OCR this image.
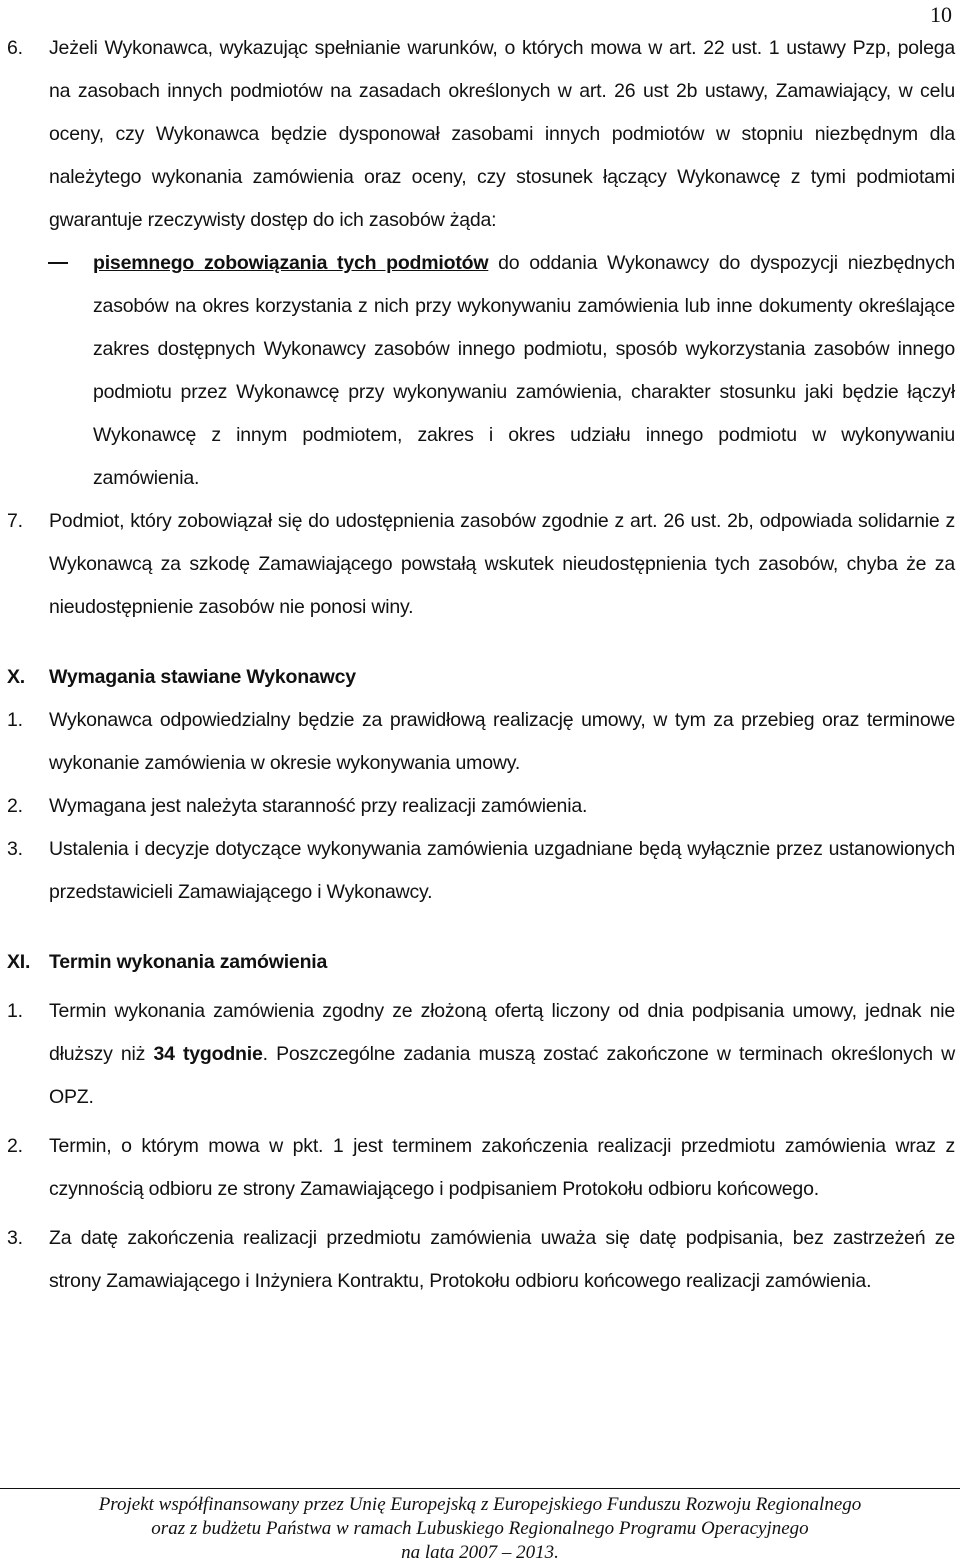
10
6. Jeżeli Wykonawca, wykazując spełnianie warunków, o których mowa w art. 22 ust. 1 ustawy Pzp, polega na zasobach innych podmiotów na zasadach określonych w art. 26 ust 2b ustawy, Zamawiający, w celu oceny, czy Wykonawca będzie dysponował zasobami innych podmiotów w stopniu niezbędnym dla należytego wykonania zamówienia oraz oceny, czy stosunek łączący Wykonawcę z tymi podmiotami gwarantuje rzeczywisty dostęp do ich zasobów żąda:
pisemnego zobowiązania tych podmiotów do oddania Wykonawcy do dyspozycji niezbędnych zasobów na okres korzystania z nich przy wykonywaniu zamówienia lub inne dokumenty określające zakres dostępnych Wykonawcy zasobów innego podmiotu, sposób wykorzystania zasobów innego podmiotu przez Wykonawcę przy wykonywaniu zamówienia, charakter stosunku jaki będzie łączył Wykonawcę z innym podmiotem, zakres i okres udziału innego podmiotu w wykonywaniu zamówienia.
7. Podmiot, który zobowiązał się do udostępnienia zasobów zgodnie z art. 26 ust. 2b, odpowiada solidarnie z Wykonawcą za szkodę Zamawiającego powstałą wskutek nieudostępnienia tych zasobów, chyba że za nieudostępnienie zasobów nie ponosi winy.
X. Wymagania stawiane Wykonawcy
1. Wykonawca odpowiedzialny będzie za prawidłową realizację umowy, w tym za przebieg oraz terminowe wykonanie zamówienia w okresie wykonywania umowy.
2. Wymagana jest należyta staranność przy realizacji zamówienia.
3. Ustalenia i decyzje dotyczące wykonywania zamówienia uzgadniane będą wyłącznie przez ustanowionych przedstawicieli Zamawiającego i Wykonawcy.
XI. Termin wykonania zamówienia
1. Termin wykonania zamówienia zgodny ze złożoną ofertą liczony od dnia podpisania umowy, jednak nie dłuższy niż 34 tygodnie. Poszczególne zadania muszą zostać zakończone w terminach określonych w OPZ.
2. Termin, o którym mowa w pkt. 1 jest terminem zakończenia realizacji przedmiotu zamówienia wraz z czynnością odbioru ze strony Zamawiającego i podpisaniem Protokołu odbioru końcowego.
3. Za datę zakończenia realizacji przedmiotu zamówienia uważa się datę podpisania, bez zastrzeżeń ze strony Zamawiającego i Inżyniera Kontraktu, Protokołu odbioru końcowego realizacji zamówienia.
Projekt współfinansowany przez Unię Europejską z Europejskiego Funduszu Rozwoju Regionalnego
oraz z budżetu Państwa w ramach Lubuskiego Regionalnego Programu Operacyjnego
na lata 2007 – 2013.
